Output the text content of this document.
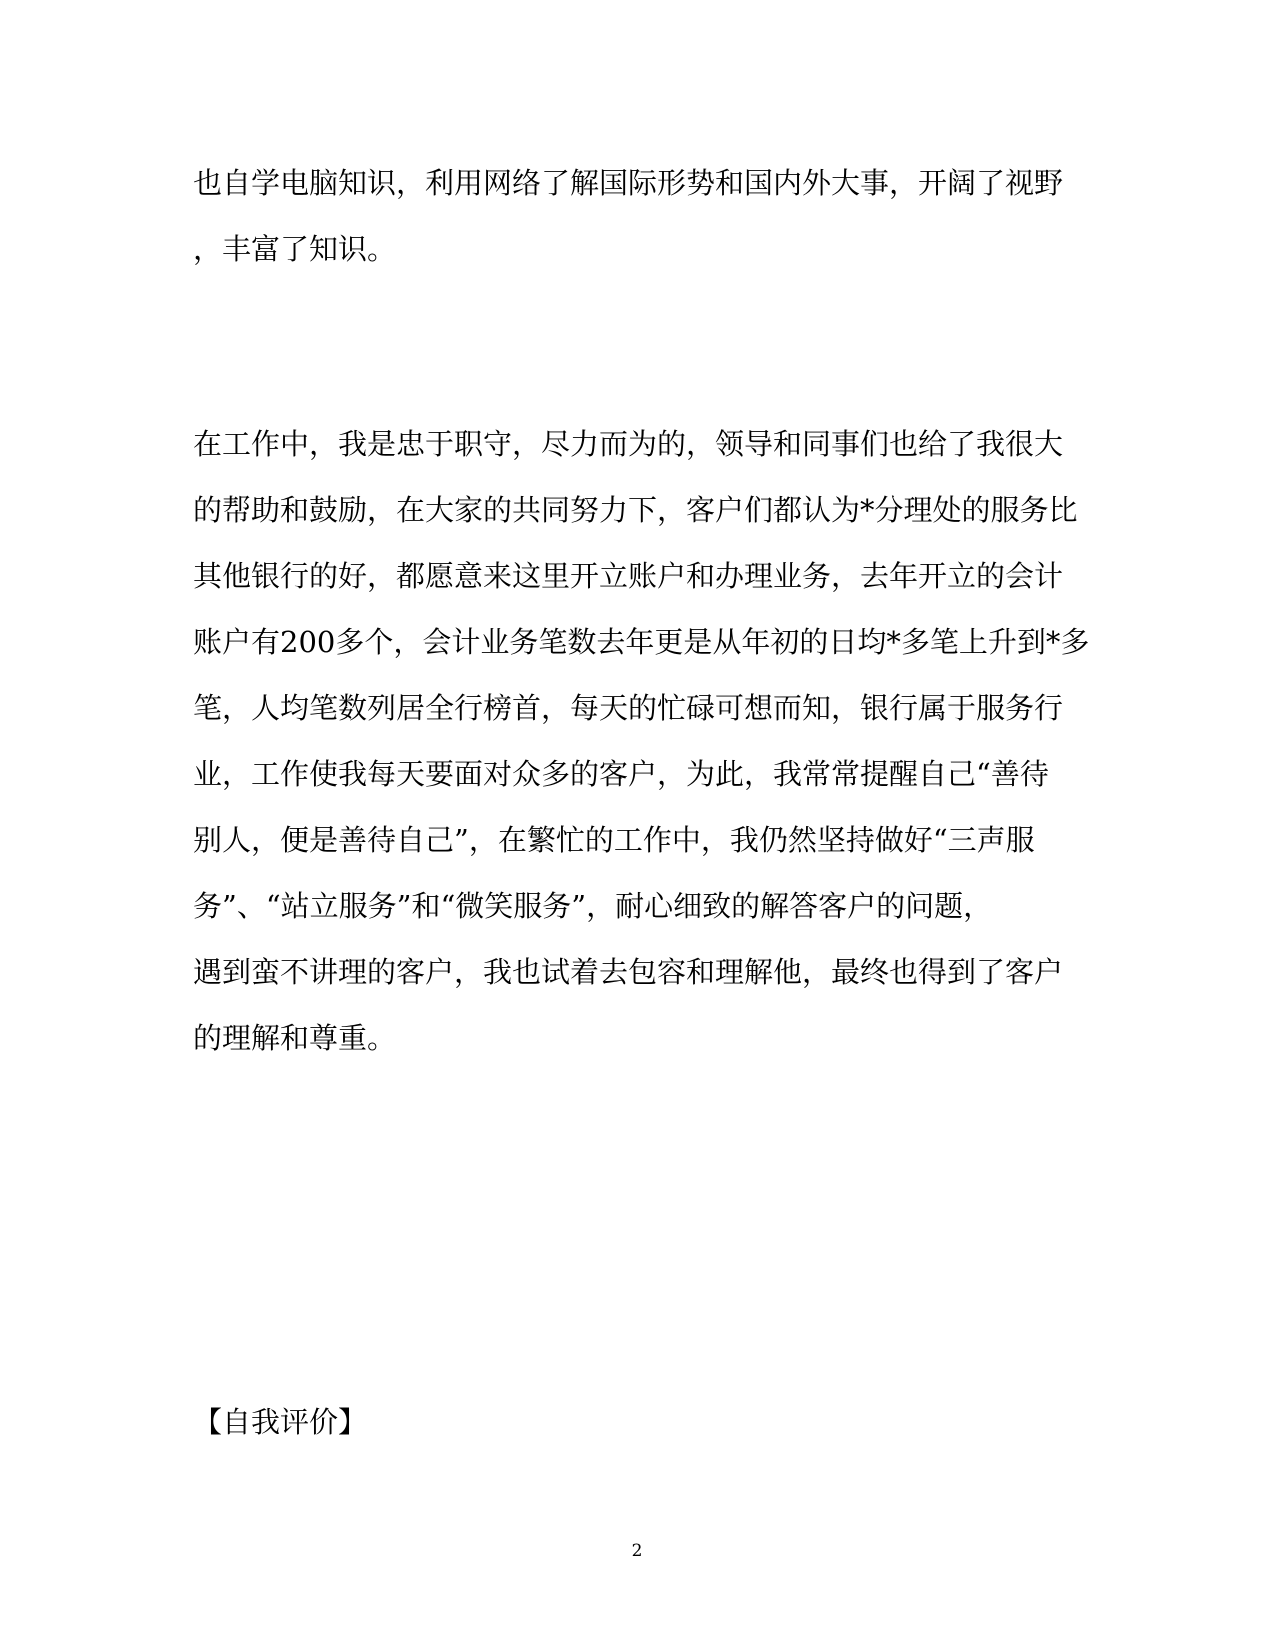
也自学电脑知识，利用网络了解国际形势和国内外大事，开阔了视野
，丰富了知识。
在工作中，我是忠于职守，尽力而为的，领导和同事们也给了我很大
的帮助和鼓励，在大家的共同努力下，客户们都认为*分理处的服务比
其他银行的好，都愿意来这里开立账户和办理业务，去年开立的会计
账户有200多个，会计业务笔数去年更是从年初的日均*多笔上升到*多
笔，人均笔数列居全行榜首，每天的忙碌可想而知，银行属于服务行
业，工作使我每天要面对众多的客户，为此，我常常提醒自己“善待
别人，便是善待自己”，在繁忙的工作中，我仍然坚持做好“三声服
务”、“站立服务”和“微笑服务”，耐心细致的解答客户的问题，
遇到蛮不讲理的客户，我也试着去包容和理解他，最终也得到了客户
的理解和尊重。
【自我评价】
2
